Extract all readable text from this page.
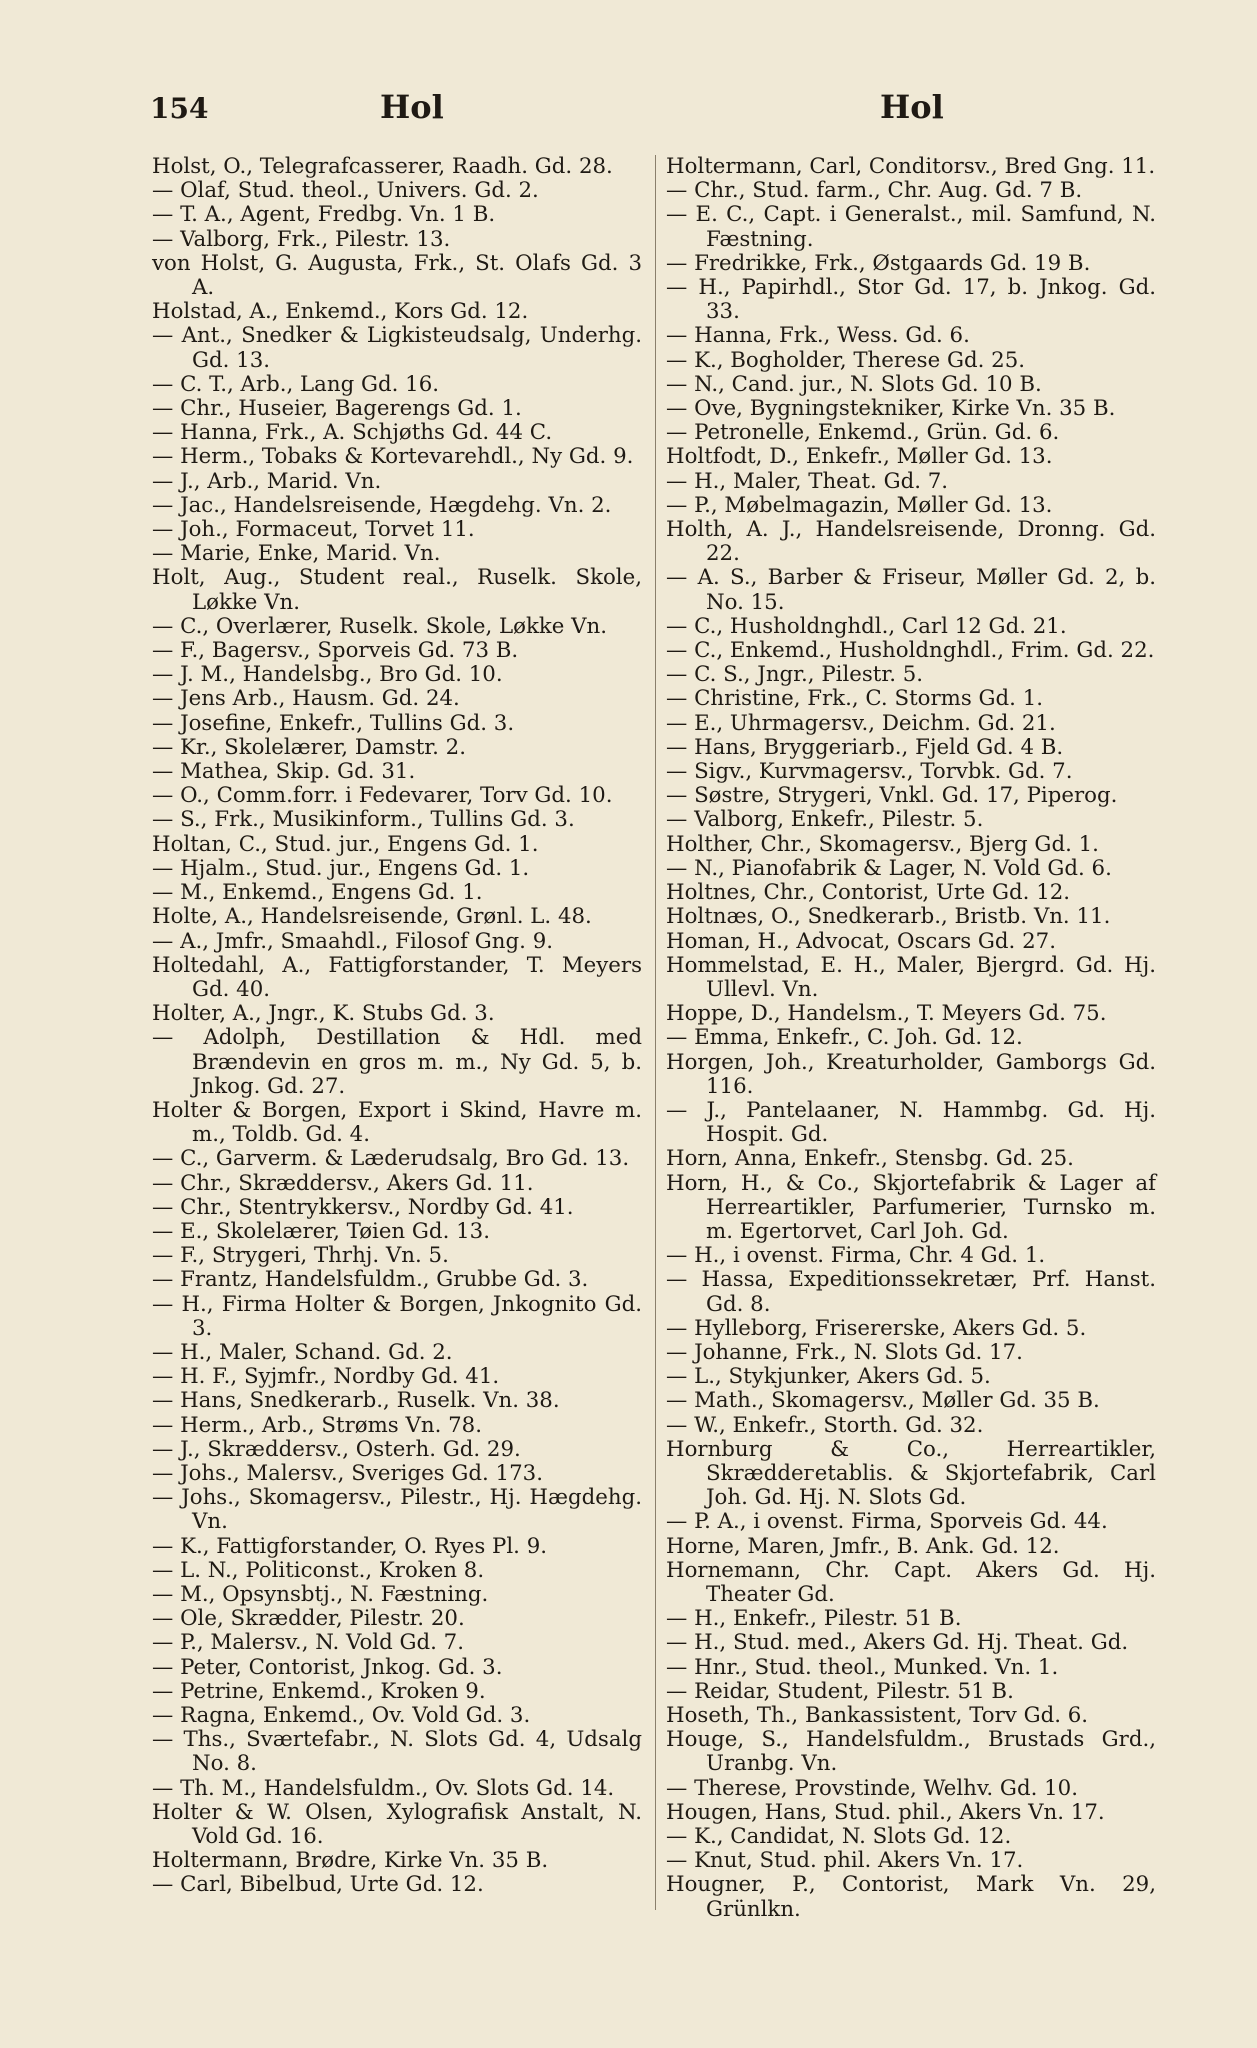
154	Hol	Hol
Holst, O., Telegrafcasserer, Raadh. Gd. 28.
— Olaf, Stud. theol., Univers. Gd. 2.
— T. A., Agent, Fredbg. Vn. 1 B.
— Valborg, Frk., Pilestr. 13.
von Holst, G. Augusta, Frk., St. Olafs Gd. 3 A.
Holstad, A., Enkemd., Kors Gd. 12.
— Ant., Snedker & Ligkistеudsalg, Underhg. Gd. 13.
— C. T., Arb., Lang Gd. 16.
— Chr., Huseier, Bagerengs Gd. 1.
— Hanna, Frk., A. Schjøths Gd. 44 C.
— Herm., Tobaks & Kortevarehdl., Ny Gd. 9.
— J., Arb., Marid. Vn.
— Jac., Handelsreisende, Hægdehg. Vn. 2.
— Joh., Formaceut, Torvet 11.
— Marie, Enke, Marid. Vn.
Holt, Aug., Student real., Ruselk. Skole, Løkke Vn.
— C., Overlærer, Ruselk. Skole, Løkke Vn.
— F., Bagersv., Sporveis Gd. 73 B.
— J. M., Handelsbg., Bro Gd. 10.
— Jens Arb., Hausm. Gd. 24.
— Josefine, Enkefr., Tullins Gd. 3.
— Kr., Skolelærer, Damstr. 2.
— Mathea, Skip. Gd. 31.
— O., Comm.forr. i Fedevarer, Torv Gd. 10.
— S., Frk., Musikinform., Tullins Gd. 3.
Holtan, C., Stud. jur., Engens Gd. 1.
— Hjalm., Stud. jur., Engens Gd. 1.
— M., Enkemd., Engens Gd. 1.
Holte, A., Handelsreisende, Grønl. L. 48.
— A., Jmfr., Smaahdl., Filosof Gng. 9.
Holtedahl, A., Fattigforstander, T. Meyers Gd. 40.
Holter, A., Jngr., K. Stubs Gd. 3.
— Adolph, Destillation & Hdl. med Brændevin en gros m. m., Ny Gd. 5, b. Jnkog. Gd. 27.
Holter & Borgen, Export i Skind, Havre m. m., Toldb. Gd. 4.
— C., Garverm. & Læderudsalg, Bro Gd. 13.
— Chr., Skræddersv., Akers Gd. 11.
— Chr., Stentrykkersv., Nordby Gd. 41.
— E., Skolelærer, Tøien Gd. 13.
— F., Strygeri, Thrhj. Vn. 5.
— Frantz, Handelsfuldm., Grubbe Gd. 3.
— H., Firma Holter & Borgen, Jnkognito Gd. 3.
— H., Maler, Schand. Gd. 2.
— H. F., Syjmfr., Nordby Gd. 41.
— Hans, Snedkerarb., Ruselk. Vn. 38.
— Herm., Arb., Strøms Vn. 78.
— J., Skræddersv., Osterh. Gd. 29.
— Johs., Malersv., Sveriges Gd. 173.
— Johs., Skomagersv., Pilestr., Hj. Hægdehg. Vn.
— K., Fattigforstander, O. Ryes Pl. 9.
— L. N., Politiconst., Kroken 8.
— M., Opsynsbtj., N. Fæstning.
— Ole, Skrædder, Pilestr. 20.
— P., Malersv., N. Vold Gd. 7.
— Peter, Contorist, Jnkog. Gd. 3.
— Petrine, Enkemd., Kroken 9.
— Ragna, Enkemd., Ov. Vold Gd. 3.
— Ths., Sværtefabr., N. Slots Gd. 4, Udsalg No. 8.
— Th. M., Handelsfuldm., Ov. Slots Gd. 14.
Holter & W. Olsen, Xylografisk Anstalt, N. Vold Gd. 16.
Holtermann, Brødre, Kirke Vn. 35 B.
— Carl, Bibelbud, Urte Gd. 12.
Holtermann, Carl, Conditorsv., Bred Gng. 11.
— Chr., Stud. farm., Chr. Aug. Gd. 7 B.
— E. C., Capt. i Generalst., mil. Samfund, N. Fæstning.
— Fredrikke, Frk., Østgaards Gd. 19 B.
— H., Papirhdl., Stor Gd. 17, b. Jnkog. Gd. 33.
— Hanna, Frk., Wess. Gd. 6.
— K., Bogholder, Therese Gd. 25.
— N., Cand. jur., N. Slots Gd. 10 B.
— Ove, Bygningstekniker, Kirke Vn. 35 B.
— Petronelle, Enkemd., Grün. Gd. 6.
Holtfodt, D., Enkefr., Møller Gd. 13.
— H., Maler, Theat. Gd. 7.
— P., Møbelmagazin, Møller Gd. 13.
Holth, A. J., Handelsreisende, Dronng. Gd. 22.
— A. S., Barber & Friseur, Møller Gd. 2, b. No. 15.
— C., Husholdnghdl., Carl 12 Gd. 21.
— C., Enkemd., Husholdnghdl., Frim. Gd. 22.
— C. S., Jngr., Pilestr. 5.
— Christine, Frk., C. Storms Gd. 1.
— E., Uhrmagersv., Deichm. Gd. 21.
— Hans, Bryggeriarb., Fjeld Gd. 4 B.
— Sigv., Kurvmagersv., Torvbk. Gd. 7.
— Søstre, Strygeri, Vnkl. Gd. 17, Piperog.
— Valborg, Enkefr., Pilestr. 5.
Holther, Chr., Skomagersv., Bjerg Gd. 1.
— N., Pianofabrik & Lager, N. Vold Gd. 6.
Holtnes, Chr., Contorist, Urte Gd. 12.
Holtnæs, O., Snedkerarb., Bristb. Vn. 11.
Homan, H., Advocat, Oscars Gd. 27.
Hommelstad, E. H., Maler, Bjergrd. Gd. Hj. Ullevl. Vn.
Hoppe, D., Handelsm., T. Meyers Gd. 75.
— Emma, Enkefr., C. Joh. Gd. 12.
Horgen, Joh., Kreaturholder, Gamborgs Gd. 116.
— J., Pantelaaner, N. Hammbg. Gd. Hj. Hospit. Gd.
Horn, Anna, Enkefr., Stensbg. Gd. 25.
Horn, H., & Co., Skjortefabrik & Lager af Herreartikler, Parfumerier, Turnsko m. m. Egertorvet, Carl Joh. Gd.
— H., i ovenst. Firma, Chr. 4 Gd. 1.
— Hassa, Expeditionssekretær, Prf. Hanst. Gd. 8.
— Hylleborg, Frisererske, Akers Gd. 5.
— Johanne, Frk., N. Slots Gd. 17.
— L., Stykjunker, Akers Gd. 5.
— Math., Skomagersv., Møller Gd. 35 B.
— W., Enkefr., Storth. Gd. 32.
Hornburg & Co., Herreartikler, Skræddeгetablis. & Skjortefabrik, Carl Joh. Gd. Hj. N. Slots Gd.
— P. A., i ovenst. Firma, Sporveis Gd. 44.
Horne, Maren, Jmfr., B. Ank. Gd. 12.
Hornemann, Chr. Capt. Akers Gd. Hj. Theater Gd.
— H., Enkefr., Pilestr. 51 B.
— H., Stud. med., Akers Gd. Hj. Theat. Gd.
— Hnr., Stud. theol., Munked. Vn. 1.
— Reidar, Student, Pilestr. 51 B.
Hoseth, Th., Bankassistent, Torv Gd. 6.
Houge, S., Handelsfuldm., Brustads Grd., Uranbg. Vn.
— Therese, Provstinde, Welhv. Gd. 10.
Hougen, Hans, Stud. phil., Akers Vn. 17.
— K., Candidat, N. Slots Gd. 12.
— Knut, Stud. phil. Akers Vn. 17.
Hougner, P., Contorist, Mark Vn. 29, Grünlkn.
